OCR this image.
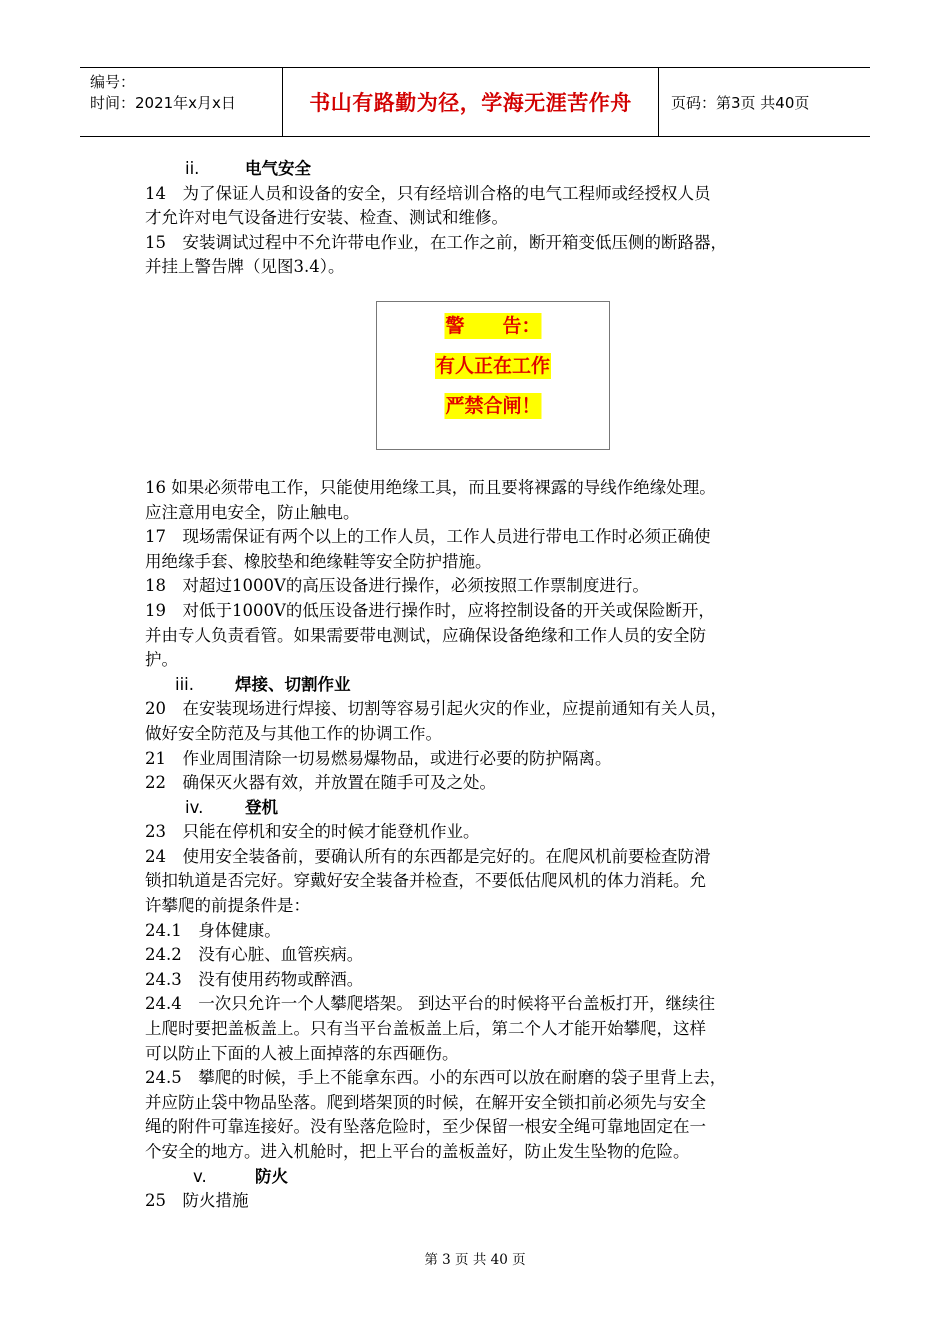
编号：
时间：2021年x月x日	书山有路勤为径，学海无涯苦作舟	页码：第3页 共40页
ii.	电气安全
14　为了保证人员和设备的安全，只有经培训合格的电气工程师或经授权人员
才允许对电气设备进行安装、检查、测试和维修。
15　安装调试过程中不允许带电作业，在工作之前，断开箱变低压侧的断路器，
并挂上警告牌（见图3.4）。
16 如果必须带电工作，只能使用绝缘工具，而且要将裸露的导线作绝缘处理。
应注意用电安全，防止触电。
17　现场需保证有两个以上的工作人员，工作人员进行带电工作时必须正确使
用绝缘手套、橡胶垫和绝缘鞋等安全防护措施。
18　对超过1000V的高压设备进行操作，必须按照工作票制度进行。
19　对低于1000V的低压设备进行操作时，应将控制设备的开关或保险断开，
并由专人负责看管。如果需要带电测试，应确保设备绝缘和工作人员的安全防
护。
iii. 焊接、切割作业
20　在安装现场进行焊接、切割等容易引起火灾的作业，应提前通知有关人员，
做好安全防范及与其他工作的协调工作。
21　作业周围清除一切易燃易爆物品，或进行必要的防护隔离。
22　确保灭火器有效，并放置在随手可及之处。
iv.	登机
23　只能在停机和安全的时候才能登机作业。
24　使用安全装备前，要确认所有的东西都是完好的。在爬风机前要检查防滑
锁扣轨道是否完好。穿戴好安全装备并检查，不要低估爬风机的体力消耗。允
许攀爬的前提条件是：
24.1　身体健康。
24.2　没有心脏、血管疾病。
24.3　没有使用药物或醉酒。
24.4　一次只允许一个人攀爬塔架。 到达平台的时候将平台盖板打开，继续往
上爬时要把盖板盖上。只有当平台盖板盖上后，第二个人才能开始攀爬，这样
可以防止下面的人被上面掉落的东西砸伤。
24.5　攀爬的时候，手上不能拿东西。小的东西可以放在耐磨的袋子里背上去，
并应防止袋中物品坠落。爬到塔架顶的时候，在解开安全锁扣前必须先与安全
绳的附件可靠连接好。没有坠落危险时，至少保留一根安全绳可靠地固定在一
个安全的地方。进入机舱时，把上平台的盖板盖好，防止发生坠物的危险。
v.	防火
25　防火措施
警　　告：
有人正在工作
严禁合闸！
第 3 页 共 40 页
